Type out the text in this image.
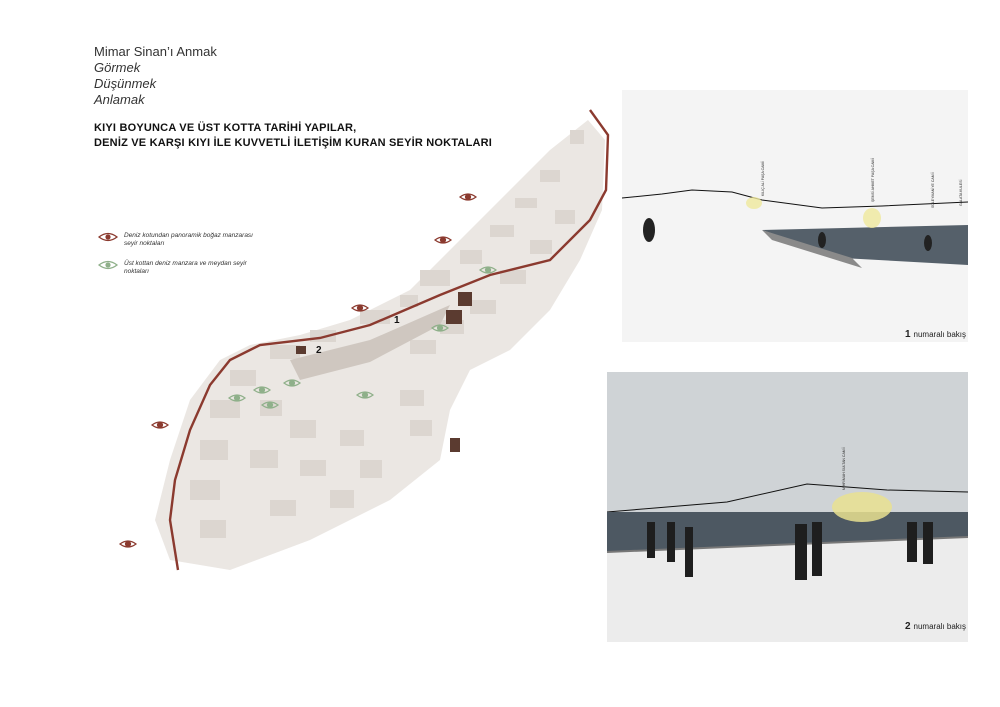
Mimar Sinan’ı Anmak
Görmek
Düşünmek
Anlamak
KIYI BOYUNCA VE ÜST KOTTA TARİHİ YAPILAR,
DENİZ VE KARŞI KIYI İLE KUVVETLİ İLETİŞİM KURAN SEYİR NOKTALARI
Deniz kotundan panoramik boğaz manzarası seyir noktaları
Üst kottan deniz manzara ve meydan seyir noktaları
1
2
KILIÇ ALİ PAŞA CAMİİ	ŞEMSİ AHMET PAŞA CAMİİ	SÜLEYMANİYE CAMİİ	GALATA KULESİ
1 numaralı bakış
MİHRİMAH SULTAN CAMİİ
2 numaralı bakış
